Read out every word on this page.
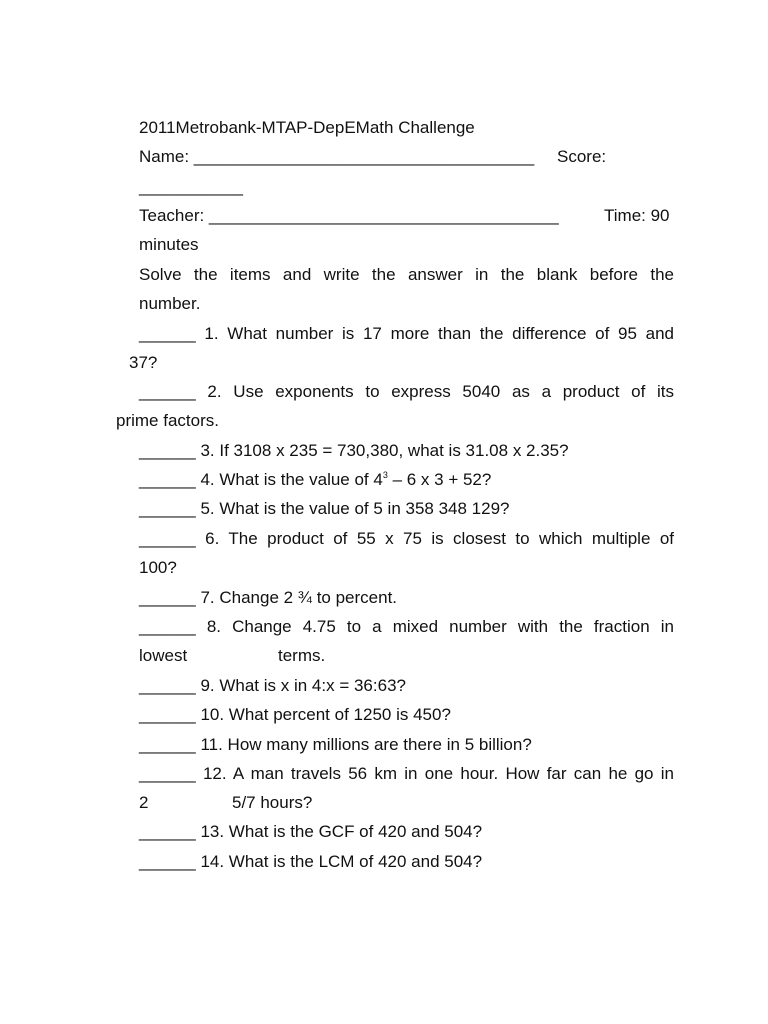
2011Metrobank-MTAP-DepEMath Challenge
Name: ____________________________________ Score:
___________
Teacher: _____________________________________	Time: 90
minutes
Solve the items and write the answer in the blank before the
number.
______ 1. What number is 17 more than the difference of 95 and
37?
______ 2. Use exponents to express 5040 as a product of its
prime factors.
______ 3. If 3108 x 235 = 730,380, what is 31.08 x 2.35?
______ 4. What is the value of $4^3 - 6$ x 3 + 52?
______ 5. What is the value of 5 in 358 348 129?
______ 6. The product of 55 x 75 is closest to which multiple of
100?
______ 7. Change 2 ¾ to percent.
______ 8. Change 4.75 to a mixed number with the fraction in
lowest	terms.
______ 9. What is x in 4:x = 36:63?
______ 10. What percent of 1250 is 450?
______ 11. How many millions are there in 5 billion?
______ 12. A man travels 56 km in one hour. How far can he go in
2	5/7 hours?
______ 13. What is the GCF of 420 and 504?
______ 14. What is the LCM of 420 and 504?
